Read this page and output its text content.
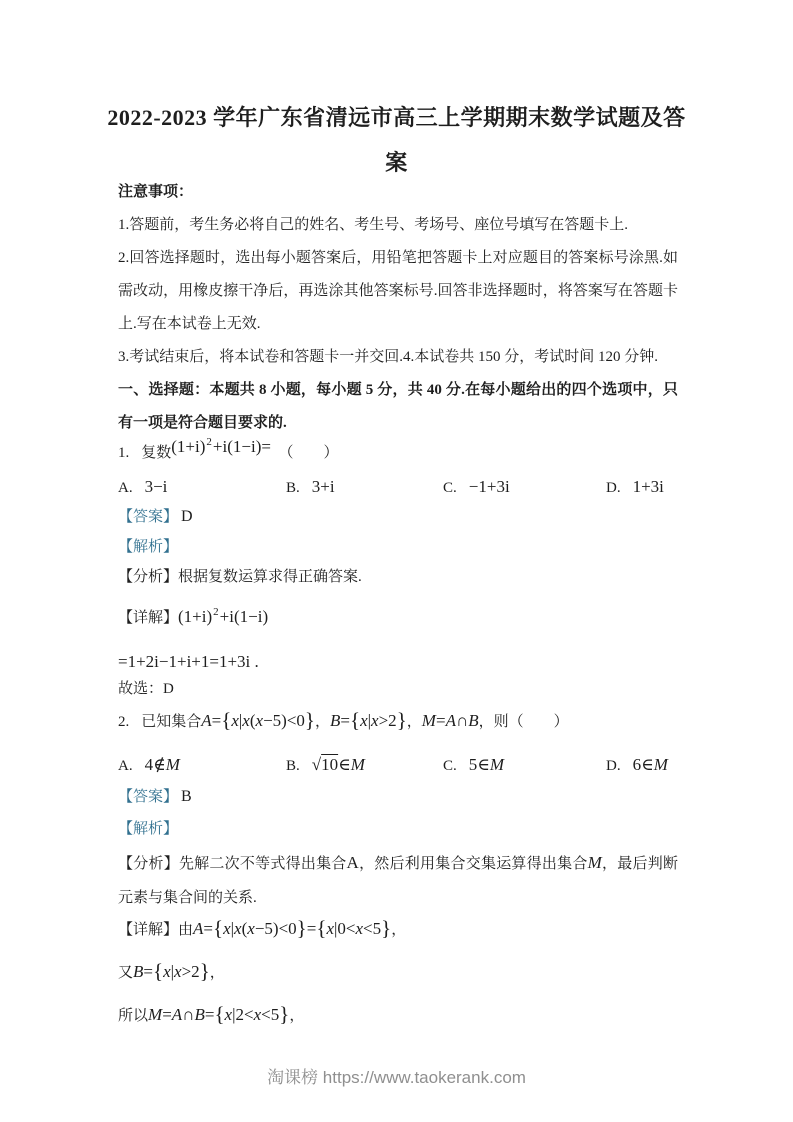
2022-2023 学年广东省清远市高三上学期期末数学试题及答
案

注意事项：

1.答题前，考生务必将自己的姓名、考生号、考场号、座位号填写在答题卡上.

2.回答选择题时，选出每小题答案后，用铅笔把答题卡上对应题目的答案标号涂黑.如需改动，用橡皮擦干净后，再选涂其他答案标号.回答非选择题时，将答案写在答题卡上.写在本试卷上无效.

3.考试结束后，将本试卷和答题卡一并交回.4.本试卷共 150 分，考试时间 120 分钟.

一、选择题：本题共 8 小题，每小题 5 分，共 40 分.在每小题给出的四个选项中，只有一项是符合题目要求的.

1. 复数$(1+i)^2+i(1-i)=$　（　　）
A. 3−i	B. 3+i	C. −1+3i	D. 1+3i
【答案】 D
【解析】
【分析】根据复数运算求得正确答案.
【详解】$(1+i)^2+i(1-i)$
=1+2i−1+i+1=1+3i .
故选：D
2. 已知集合A={x|x(x−5)<0}，B={x|x>2}，M=A∩B，则（　　）
A. 4∉M	B. √10∈M	C. 5∈M	D. 6∈M
【答案】 B
【解析】
【分析】先解二次不等式得出集合A，然后利用集合交集运算得出集合M，最后判断元素与集合间的关系.
【详解】由A={x|x(x−5)<0}={x|0<x<5}，
又B={x|x>2}，
所以M=A∩B={x|2<x<5}，
淘课榜 https://www.taokerank.com
